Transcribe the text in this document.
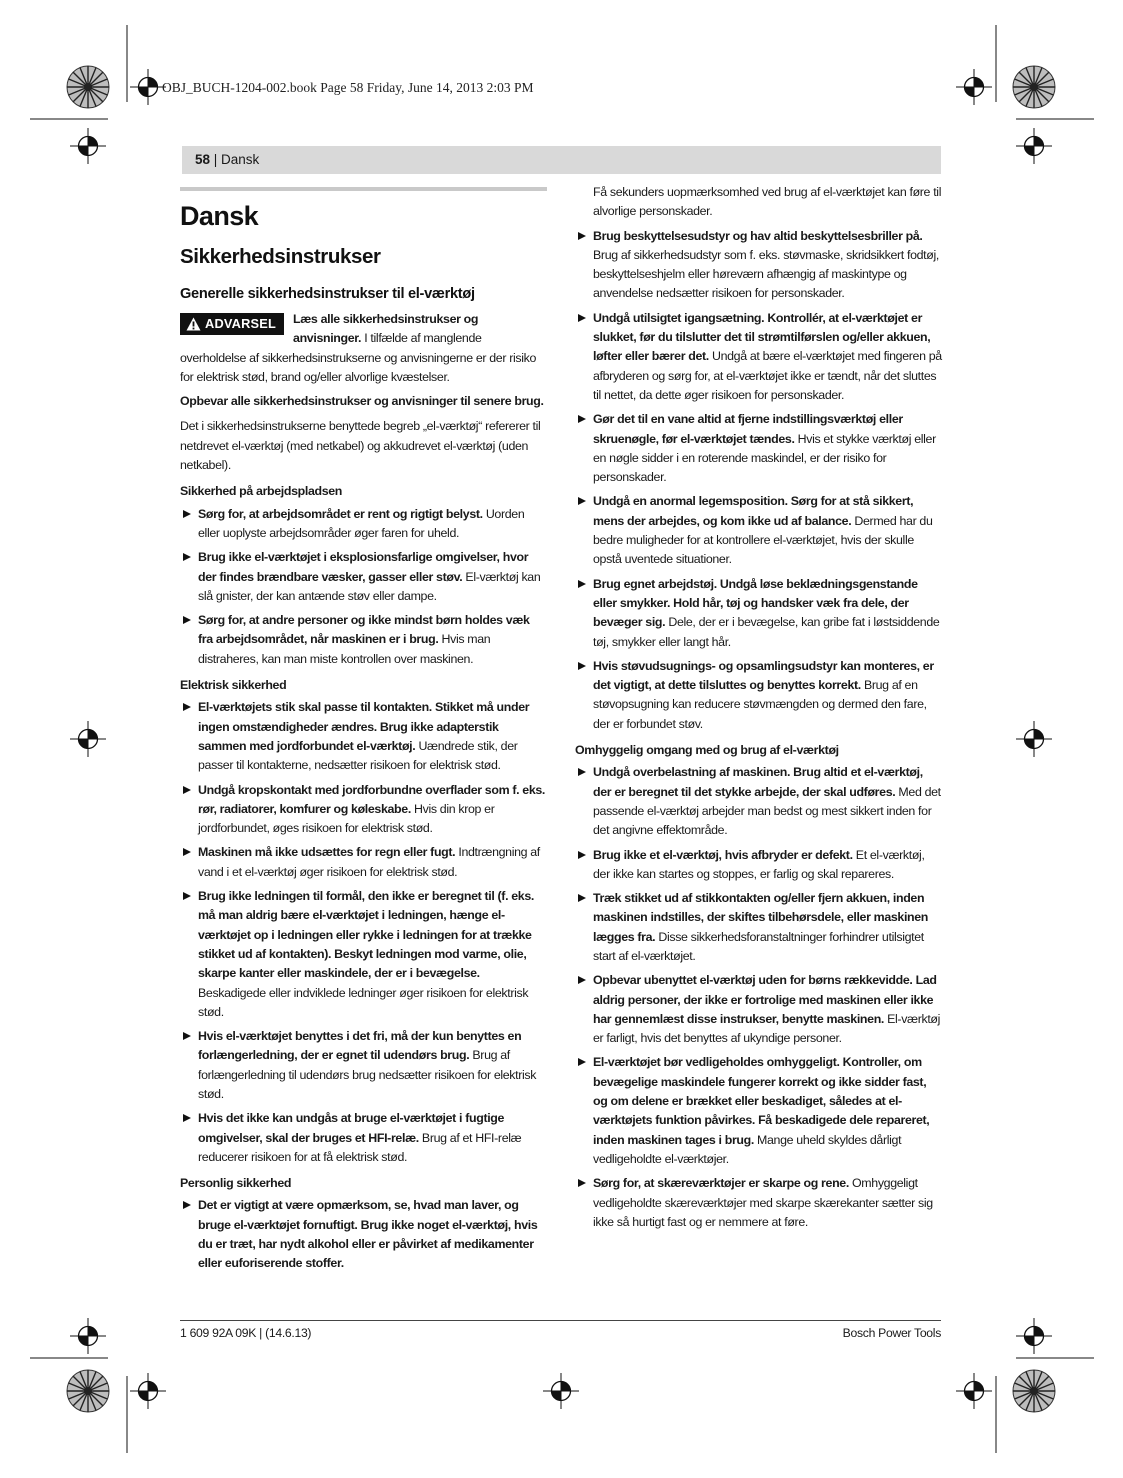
OBJ_BUCH-1204-002.book Page 58 Friday, June 14, 2013 2:03 PM
58 | Dansk
Dansk
Sikkerhedsinstrukser
Generelle sikkerhedsinstrukser til el-værktøj
ADVARSEL	Læs alle sikkerhedsinstrukser og anvisninger. I tilfælde af manglende overholdelse af sikkerhedsinstrukserne og anvisningerne er der risiko for elektrisk stød, brand og/eller alvorlige kvæstelser.
Opbevar alle sikkerhedsinstrukser og anvisninger til senere brug.
Det i sikkerhedsinstrukserne benyttede begreb „el-værktøj“ refererer til netdrevet el-værktøj (med netkabel) og akkudrevet el-værktøj (uden netkabel).
Sikkerhed på arbejdspladsen
Sørg for, at arbejdsområdet er rent og rigtigt belyst. Uorden eller uoplyste arbejdsområder øger faren for uheld.
Brug ikke el-værktøjet i eksplosionsfarlige omgivelser, hvor der findes brændbare væsker, gasser eller støv. El-værktøj kan slå gnister, der kan antænde støv eller dampe.
Sørg for, at andre personer og ikke mindst børn holdes væk fra arbejdsområdet, når maskinen er i brug. Hvis man distraheres, kan man miste kontrollen over maskinen.
Elektrisk sikkerhed
El-værktøjets stik skal passe til kontakten. Stikket må under ingen omstændigheder ændres. Brug ikke adapterstik sammen med jordforbundet el-værktøj. Uændrede stik, der passer til kontakterne, nedsætter risikoen for elektrisk stød.
Undgå kropskontakt med jordforbundne overflader som f. eks. rør, radiatorer, komfurer og køleskabe. Hvis din krop er jordforbundet, øges risikoen for elektrisk stød.
Maskinen må ikke udsættes for regn eller fugt. Indtrængning af vand i et el-værktøj øger risikoen for elektrisk stød.
Brug ikke ledningen til formål, den ikke er beregnet til (f. eks. må man aldrig bære el-værktøjet i ledningen, hænge el-værktøjet op i ledningen eller rykke i ledningen for at trække stikket ud af kontakten). Beskyt ledningen mod varme, olie, skarpe kanter eller maskindele, der er i bevægelse. Beskadigede eller indviklede ledninger øger risikoen for elektrisk stød.
Hvis el-værktøjet benyttes i det fri, må der kun benyttes en forlængerledning, der er egnet til udendørs brug. Brug af forlængerledning til udendørs brug nedsætter risikoen for elektrisk stød.
Hvis det ikke kan undgås at bruge el-værktøjet i fugtige omgivelser, skal der bruges et HFI-relæ. Brug af et HFI-relæ reducerer risikoen for at få elektrisk stød.
Personlig sikkerhed
Det er vigtigt at være opmærksom, se, hvad man laver, og bruge el-værktøjet fornuftigt. Brug ikke noget el-værktøj, hvis du er træt, har nydt alkohol eller er påvirket af medikamenter eller euforiserende stoffer.
Få sekunders uopmærksomhed ved brug af el-værktøjet kan føre til alvorlige personskader.
Brug beskyttelsesudstyr og hav altid beskyttelsesbriller på. Brug af sikkerhedsudstyr som f. eks. støvmaske, skridsikkert fodtøj, beskyttelseshjelm eller høreværn afhængig af maskintype og anvendelse nedsætter risikoen for personskader.
Undgå utilsigtet igangsætning. Kontrollér, at el-værktøjet er slukket, før du tilslutter det til strømtilførslen og/eller akkuen, løfter eller bærer det. Undgå at bære el-værktøjet med fingeren på afbryderen og sørg for, at el-værktøjet ikke er tændt, når det sluttes til nettet, da dette øger risikoen for personskader.
Gør det til en vane altid at fjerne indstillingsværktøj eller skruenøgle, før el-værktøjet tændes. Hvis et stykke værktøj eller en nøgle sidder i en roterende maskindel, er der risiko for personskader.
Undgå en anormal legemsposition. Sørg for at stå sikkert, mens der arbejdes, og kom ikke ud af balance. Dermed har du bedre muligheder for at kontrollere el-værktøjet, hvis der skulle opstå uventede situationer.
Brug egnet arbejdstøj. Undgå løse beklædningsgenstande eller smykker. Hold hår, tøj og handsker væk fra dele, der bevæger sig. Dele, der er i bevægelse, kan gribe fat i løstsiddende tøj, smykker eller langt hår.
Hvis støvudsugnings- og opsamlingsudstyr kan monteres, er det vigtigt, at dette tilsluttes og benyttes korrekt. Brug af en støvopsugning kan reducere støvmængden og dermed den fare, der er forbundet støv.
Omhyggelig omgang med og brug af el-værktøj
Undgå overbelastning af maskinen. Brug altid et el-værktøj, der er beregnet til det stykke arbejde, der skal udføres. Med det passende el-værktøj arbejder man bedst og mest sikkert inden for det angivne effektområde.
Brug ikke et el-værktøj, hvis afbryder er defekt. Et el-værktøj, der ikke kan startes og stoppes, er farlig og skal repareres.
Træk stikket ud af stikkontakten og/eller fjern akkuen, inden maskinen indstilles, der skiftes tilbehørsdele, eller maskinen lægges fra. Disse sikkerhedsforanstaltninger forhindrer utilsigtet start af el-værktøjet.
Opbevar ubenyttet el-værktøj uden for børns rækkevidde. Lad aldrig personer, der ikke er fortrolige med maskinen eller ikke har gennemlæst disse instrukser, benytte maskinen. El-værktøj er farligt, hvis det benyttes af ukyndige personer.
El-værktøjet bør vedligeholdes omhyggeligt. Kontroller, om bevægelige maskindele fungerer korrekt og ikke sidder fast, og om delene er brækket eller beskadiget, således at el-værktøjets funktion påvirkes. Få beskadigede dele repareret, inden maskinen tages i brug. Mange uheld skyldes dårligt vedligeholdte el-værktøjer.
Sørg for, at skæreværktøjer er skarpe og rene. Omhyggeligt vedligeholdte skæreværktøjer med skarpe skærekanter sætter sig ikke så hurtigt fast og er nemmere at føre.
1 609 92A 09K | (14.6.13)	Bosch Power Tools
